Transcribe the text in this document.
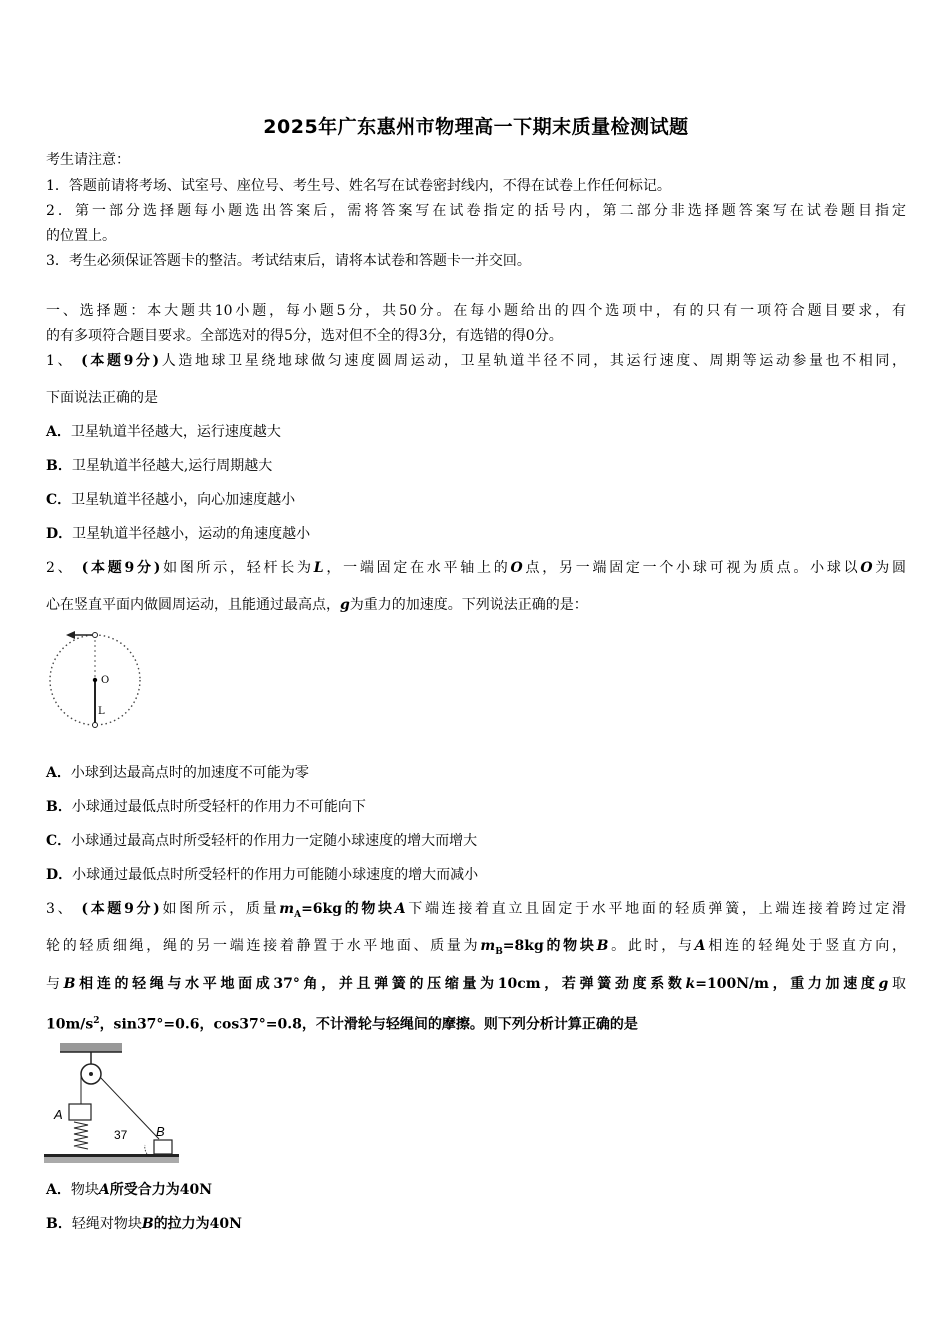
2025年广东惠州市物理高一下期末质量检测试题
考生请注意：
1．答题前请将考场、试室号、座位号、考生号、姓名写在试卷密封线内，不得在试卷上作任何标记。
2．第一部分选择题每小题选出答案后，需将答案写在试卷指定的括号内，第二部分非选择题答案写在试卷题目指定
的位置上。
3．考生必须保证答题卡的整洁。考试结束后，请将本试卷和答题卡一并交回。
一、选择题：本大题共10小题，每小题5分，共50分。在每小题给出的四个选项中，有的只有一项符合题目要求，有
的有多项符合题目要求。全部选对的得5分，选对但不全的得3分，有选错的得0分。
1、 (本题9分)人造地球卫星绕地球做匀速度圆周运动，卫星轨道半径不同，其运行速度、周期等运动参量也不相同，
下面说法正确的是
A．卫星轨道半径越大，运行速度越大
B．卫星轨道半径越大,运行周期越大
C．卫星轨道半径越小，向心加速度越小
D．卫星轨道半径越小，运动的角速度越小
2、 (本题9分)如图所示，轻杆长为L，一端固定在水平轴上的O点，另一端固定一个小球可视为质点。小球以O为圆
心在竖直平面内做圆周运动，且能通过最高点，g为重力的加速度。下列说法正确的是：
O
L
A．小球到达最高点时的加速度不可能为零
B．小球通过最低点时所受轻杆的作用力不可能向下
C．小球通过最高点时所受轻杆的作用力一定随小球速度的增大而增大
D．小球通过最低点时所受轻杆的作用力可能随小球速度的增大而减小
3、 (本题9分)如图所示，质量$m_A=6kg$的物块A下端连接着直立且固定于水平地面的轻质弹簧，上端连接着跨过定滑
轮的轻质细绳，绳的另一端连接着静置于水平地面、质量为$m_B=8kg$的物块B。此时，与A相连的轻绳处于竖直方向，
与B相连的轻绳与水平地面成37°角，并且弹簧的压缩量为10cm，若弹簧劲度系数k=100N/m，重力加速度g取
$10m/s^2$，sin37°=0.6，cos37°=0.8，不计滑轮与轻绳间的摩擦。则下列分析计算正确的是
A
B
37
A．物块A所受合力为40N
B．轻绳对物块B的拉力为40N
